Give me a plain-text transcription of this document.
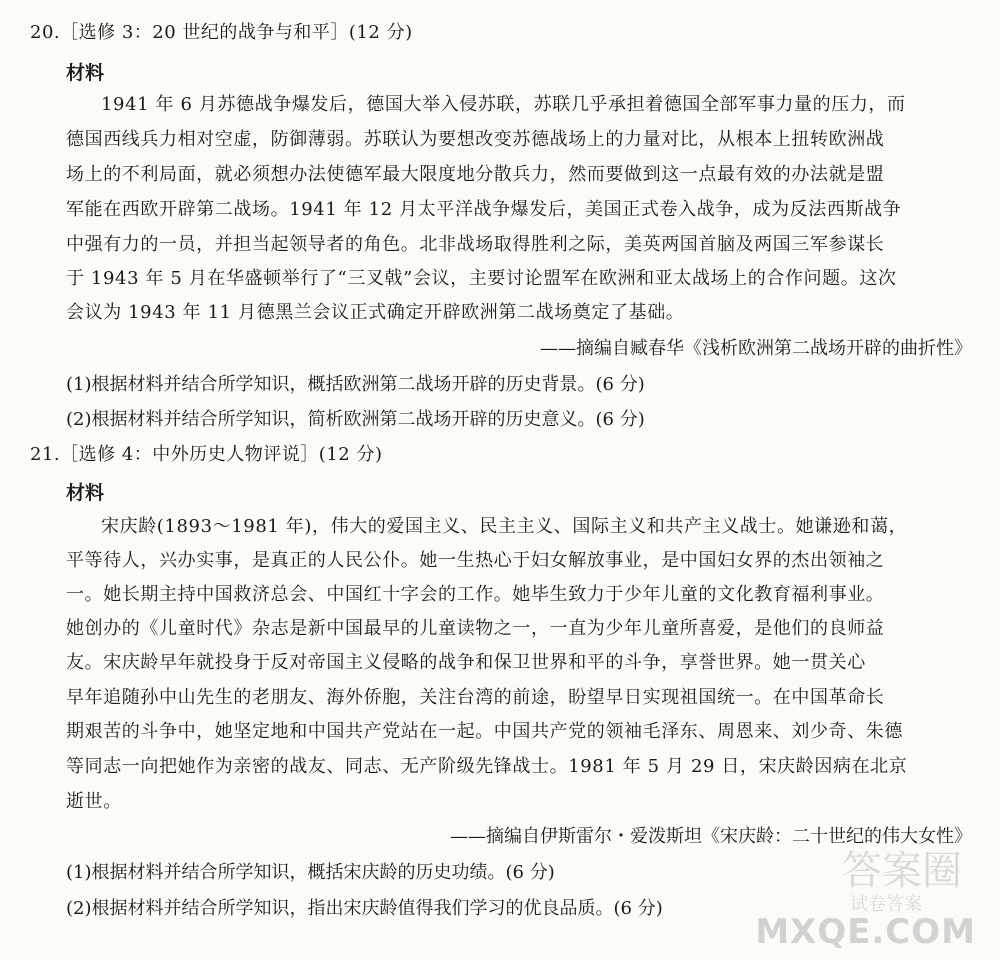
20.［选修 3：20 世纪的战争与和平］(12 分)
材料
1941 年 6 月苏德战争爆发后，德国大举入侵苏联，苏联几乎承担着德国全部军事力量的压力，而
德国西线兵力相对空虚，防御薄弱。苏联认为要想改变苏德战场上的力量对比，从根本上扭转欧洲战
场上的不利局面，就必须想办法使德军最大限度地分散兵力，然而要做到这一点最有效的办法就是盟
军能在西欧开辟第二战场。1941 年 12 月太平洋战争爆发后，美国正式卷入战争，成为反法西斯战争
中强有力的一员，并担当起领导者的角色。北非战场取得胜利之际，美英两国首脑及两国三军参谋长
于 1943 年 5 月在华盛顿举行了“三叉戟”会议，主要讨论盟军在欧洲和亚太战场上的合作问题。这次
会议为 1943 年 11 月德黑兰会议正式确定开辟欧洲第二战场奠定了基础。
——摘编自臧春华《浅析欧洲第二战场开辟的曲折性》
(1)根据材料并结合所学知识，概括欧洲第二战场开辟的历史背景。(6 分)
(2)根据材料并结合所学知识，简析欧洲第二战场开辟的历史意义。(6 分)
21.［选修 4：中外历史人物评说］(12 分)
材料
宋庆龄(1893～1981 年)，伟大的爱国主义、民主主义、国际主义和共产主义战士。她谦逊和蔼，
平等待人，兴办实事，是真正的人民公仆。她一生热心于妇女解放事业，是中国妇女界的杰出领袖之
一。她长期主持中国救济总会、中国红十字会的工作。她毕生致力于少年儿童的文化教育福利事业。
她创办的《儿童时代》杂志是新中国最早的儿童读物之一，一直为少年儿童所喜爱，是他们的良师益
友。宋庆龄早年就投身于反对帝国主义侵略的战争和保卫世界和平的斗争，享誉世界。她一贯关心
早年追随孙中山先生的老朋友、海外侨胞，关注台湾的前途，盼望早日实现祖国统一。在中国革命长
期艰苦的斗争中，她坚定地和中国共产党站在一起。中国共产党的领袖毛泽东、周恩来、刘少奇、朱德
等同志一向把她作为亲密的战友、同志、无产阶级先锋战士。1981 年 5 月 29 日，宋庆龄因病在北京
逝世。
——摘编自伊斯雷尔・爱泼斯坦《宋庆龄：二十世纪的伟大女性》
(1)根据材料并结合所学知识，概括宋庆龄的历史功绩。(6 分)
(2)根据材料并结合所学知识，指出宋庆龄值得我们学习的优良品质。(6 分)
答案圈
试卷答案
MXQE.COM
